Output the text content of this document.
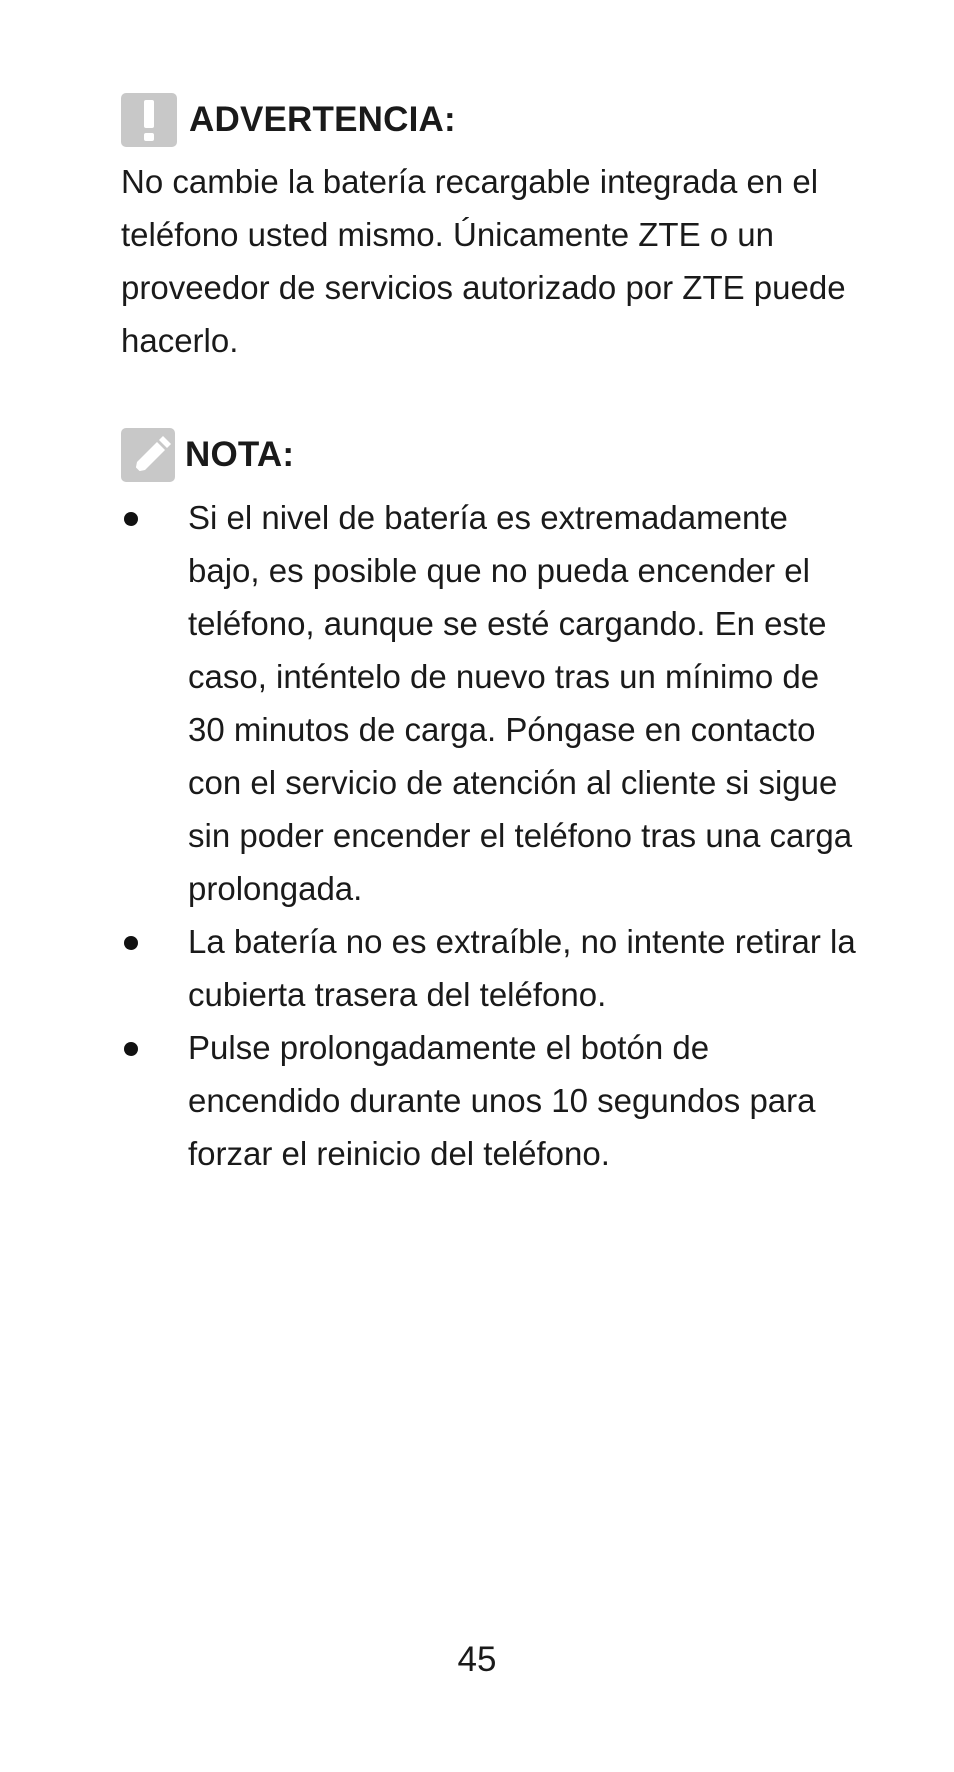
ADVERTENCIA:

No cambie la batería recargable integrada en el teléfono usted mismo. Únicamente ZTE o un proveedor de servicios autorizado por ZTE puede hacerlo.

NOTA:
Si el nivel de batería es extremadamente bajo, es posible que no pueda encender el teléfono, aunque se esté cargando. En este caso, inténtelo de nuevo tras un mínimo de 30 minutos de carga. Póngase en contacto con el servicio de atención al cliente si sigue sin poder encender el teléfono tras una carga prolongada.
La batería no es extraíble, no intente retirar la cubierta trasera del teléfono.
Pulse prolongadamente el botón de encendido durante unos 10 segundos para forzar el reinicio del teléfono.
45
